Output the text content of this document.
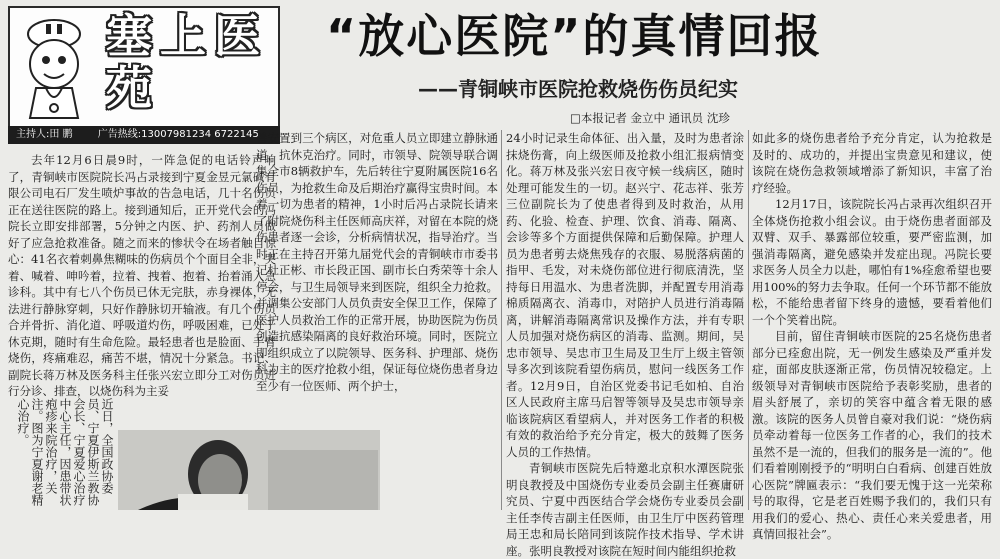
塞上医苑
主持人:田 鹏	广告热线:13007981234 6722145
“放心医院”的真情回报
——青铜峡市医院抢救烧伤伤员纪实
□本报记者 金立中 通讯员 沈珍

去年12月6日晨9时，一阵急促的电话铃声响了，青铜峡市医院院长冯占录接到宁夏金昱元氯碱有限公司电石厂发生喷炉事故的告急电话，几十名伤员正在送往医院的路上。接到通知后，正开党代会的冯院长立即安排部署，5分钟之内医、护、药剂人员做好了应急抢救准备。随之而来的惨状令在场者触目惊心：41名衣着刺鼻焦糊味的伤病员个个面目全非，哭着、喊着、呻吟着，拉着、拽着、抱着、抬着涌入急诊科。其中有七八个伤员已休无完肤，赤身裸体，无法进行静脉穿刺，只好作静脉切开输液。有几个伤员合并骨折、消化道、呼吸道灼伤，呼吸困难，已处于休克期，随时有生命危险。最轻患者也是脸面、手臂烧伤，疼痛难忍，痛苦不堪，情况十分紧急。书记、副院长蒋万林及医务科主任张兴宏立即分工对伤员进行分诊、排查，以烧伤科为主妥

善安置到三个病区，对危重人员立即建立静脉通道，抗休克治疗。同时，市领导、院领导联合调集全市8辆救护车，先后转往宁夏附属医院16名伤员，为抢救生命及后期治疗赢得宝贵时间。本着一切为患者的精神，1小时后冯占录院长请来了附院烧伤科主任医师高庆祥，对留在本院的烧伤患者逐一会诊，分析病情状况，指导治疗。当时正在主持召开第九届党代会的青铜峡市市委书记杜正彬、市长段正国、副市长白秀荣等十余人停会，与卫生局领导来到医院，组织全力抢救。并调集公安部门人员负责安全保卫工作，保障了医护人员救治工作的正常开展，协助医院为伤员创造抗感染隔离的良好救治环境。同时，医院立即组织成立了以院领导、医务科、护理部、烧伤科为主的医疗抢救小组，保证每位烧伤患者身边至少有一位医师、两个护士，

24小时记录生命体征、出入量，及时为患者涂抹烧伤膏，向上级医师及抢救小组汇报病情变化。蒋万林及张兴宏日夜守候一线病区，随时处理可能发生的一切。赵兴宁、花志祥、张芳三位副院长为了使患者得到及时救治，从用药、化验、检查、护理、饮食、消毒、隔离、会诊等多个方面提供保障和后勤保障。护理人员为患者剪去烧焦残存的衣服、易脱落病菌的指甲、毛发，对未烧伤部位进行彻底清洗，坚持每日用温水、为患者洗脚，并配置专用消毒棉质隔离衣、消毒巾，对陪护人员进行消毒隔离，讲解消毒隔离常识及操作方法，并有专职人员加强对烧伤病区的消毒、监测。期间，吴忠市领导、吴忠市卫生局及卫生厅上级主管领导多次到该院看望伤病员，慰问一线医务工作者。12月9日，自治区党委书记毛如柏、自治区人民政府主席马启智等领导及吴忠市领导亲临该院病区看望病人，并对医务工作者的积极有效的救治给予充分肯定，极大的鼓舞了医务人员的工作热情。

青铜峡市医院先后特邀北京积水潭医院张明良教授及中国烧伤专业委员会副主任赛庸研究员、宁夏中西医结合学会烧伤专业委员会副主任李传吉副主任医师，由卫生厅中医药管理局王忠和局长陪同到该院作技术指导、学术讲座。张明良教授对该院在短时间内能组织抢救

如此多的烧伤患者给予充分肯定，认为抢救是及时的、成功的，并提出宝贵意见和建议，使该院在烧伤急救领域增添了新知识，丰富了治疗经验。

12月17日，该院院长冯占录再次组织召开全体烧伤抢救小组会议。由于烧伤患者面部及双臂、双手、暴露部位较重，要严密监测，加强消毒隔离，避免感染并发症出现。冯院长要求医务人员全力以赴，哪怕有1%痊愈希望也要用100%的努力去争取。任何一个环节都不能放松，不能给患者留下终身的遗憾，要看着他们一个个笑着出院。

目前，留住青铜峡市医院的25名烧伤患者部分已痊愈出院，无一例发生感染及严重并发症，面部皮肤逐渐正常，伤员情况较稳定。上级领导对青铜峡市医院给予表彰奖励，患者的眉头舒展了，亲切的笑容中蕴含着无限的感激。该院的医务人员曾自豪对我们说：“烧伤病员牵动着每一位医务工作者的心，我们的技术虽然不是一流的，但我们的服务是一流的”。他们看着刚刚授予的“明明白白看病、创建百姓放心医院”牌匾表示：“我们要无愧于这一光荣称号的取得，它是老百姓赐予我们的，我们只有用我们的爱心、热心、责任心来关爱患者，用真情回报社会”。

近日，全国政协委员、宁夏伊斯兰教协会长、宁夏爱心治疗中心主任，因患带状疱疹来院治疗，关注。图为宁夏谢老精心治疗。
